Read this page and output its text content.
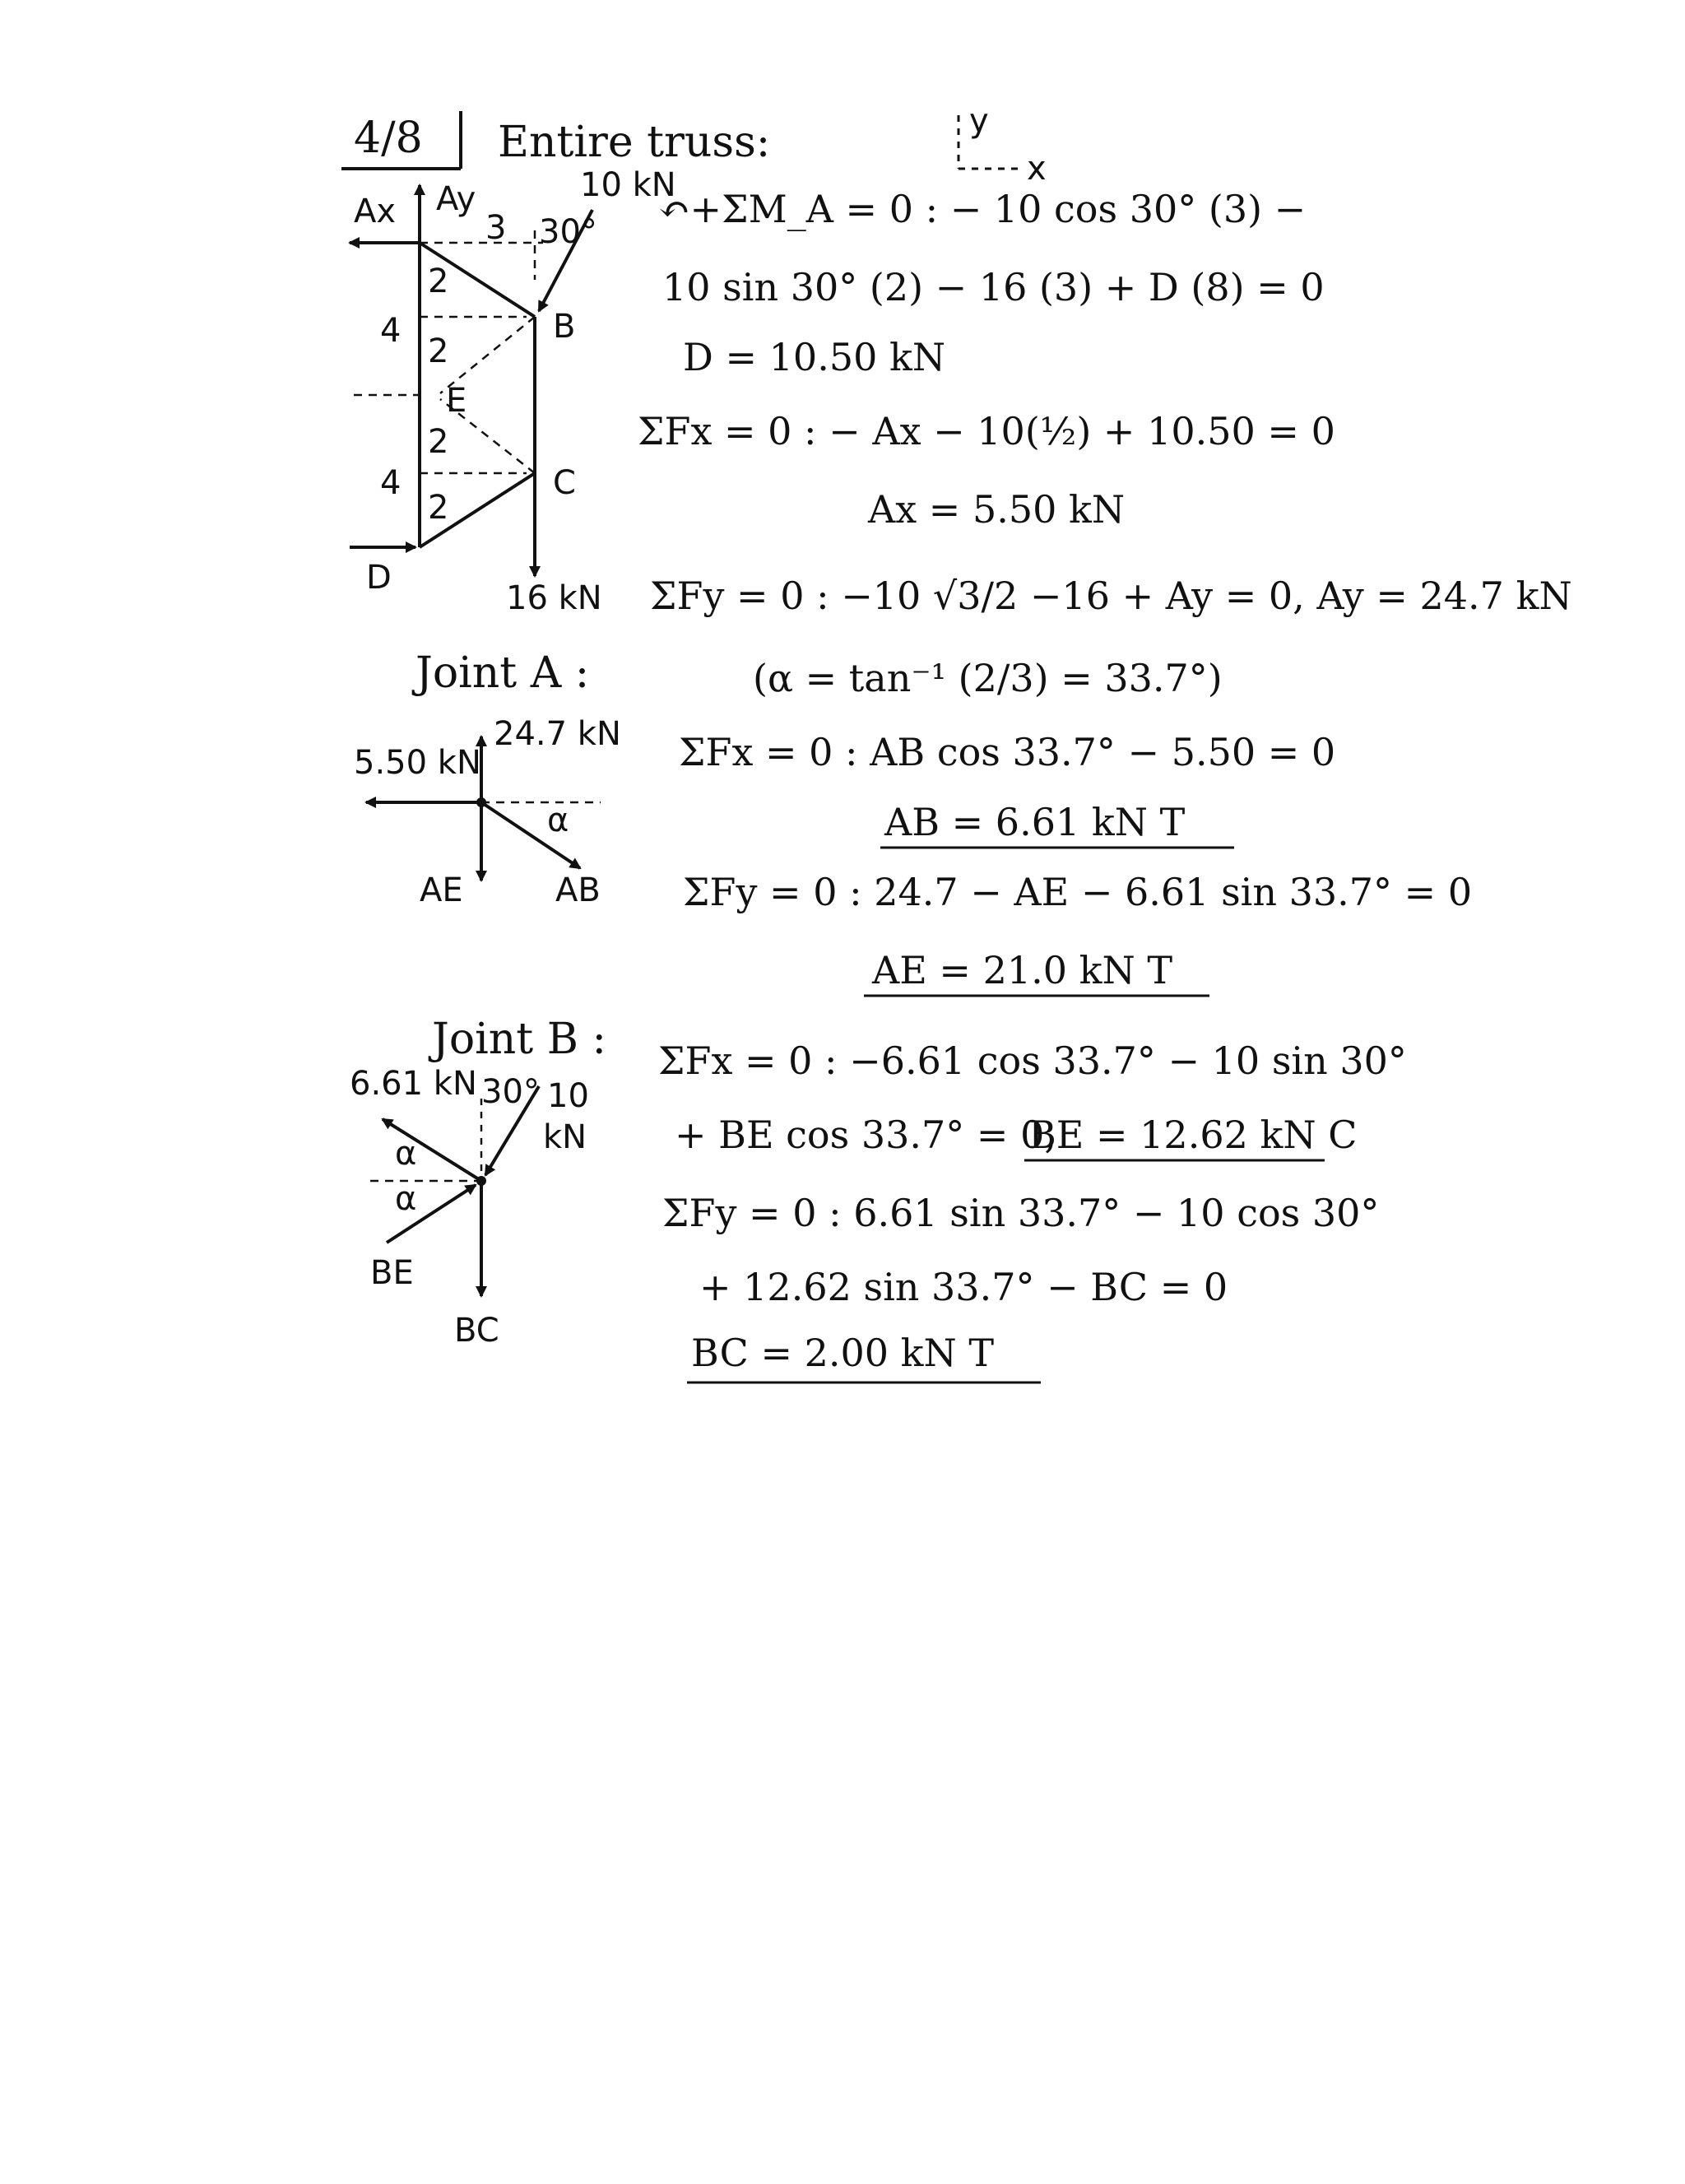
4/8 Entire truss:	y
x
Ax Ay
3 30°
10 kN
4
4
2
2
2
2
B
C
D
E
16 kN
↶+ΣM_A = 0 : − 10 cos 30° (3) −
10 sin 30° (2) − 16 (3) + D (8) = 0
D = 10.50 kN
ΣFx = 0 : − Ax − 10(½) + 10.50 = 0
Ax = 5.50 kN
ΣFy = 0 : −10 √3/2 −16 + Ay = 0, Ay = 24.7 kN
Joint A :	(α = tan⁻¹ (2/3) = 33.7°)
24.7 kN
5.50 kN
α
AE	AB
ΣFx = 0 : AB cos 33.7° − 5.50 = 0
AB = 6.61 kN T
ΣFy = 0 : 24.7 − AE − 6.61 sin 33.7° = 0
AE = 21.0 kN T
Joint B :
6.61 kN 30° 10
kN
α
α
BE
BC
ΣFx = 0 : −6.61 cos 33.7° − 10 sin 30°
+ BE cos 33.7° = 0,
BE = 12.62 kN C
ΣFy = 0 : 6.61 sin 33.7° − 10 cos 30°
+ 12.62 sin 33.7° − BC = 0
BC = 2.00 kN T
